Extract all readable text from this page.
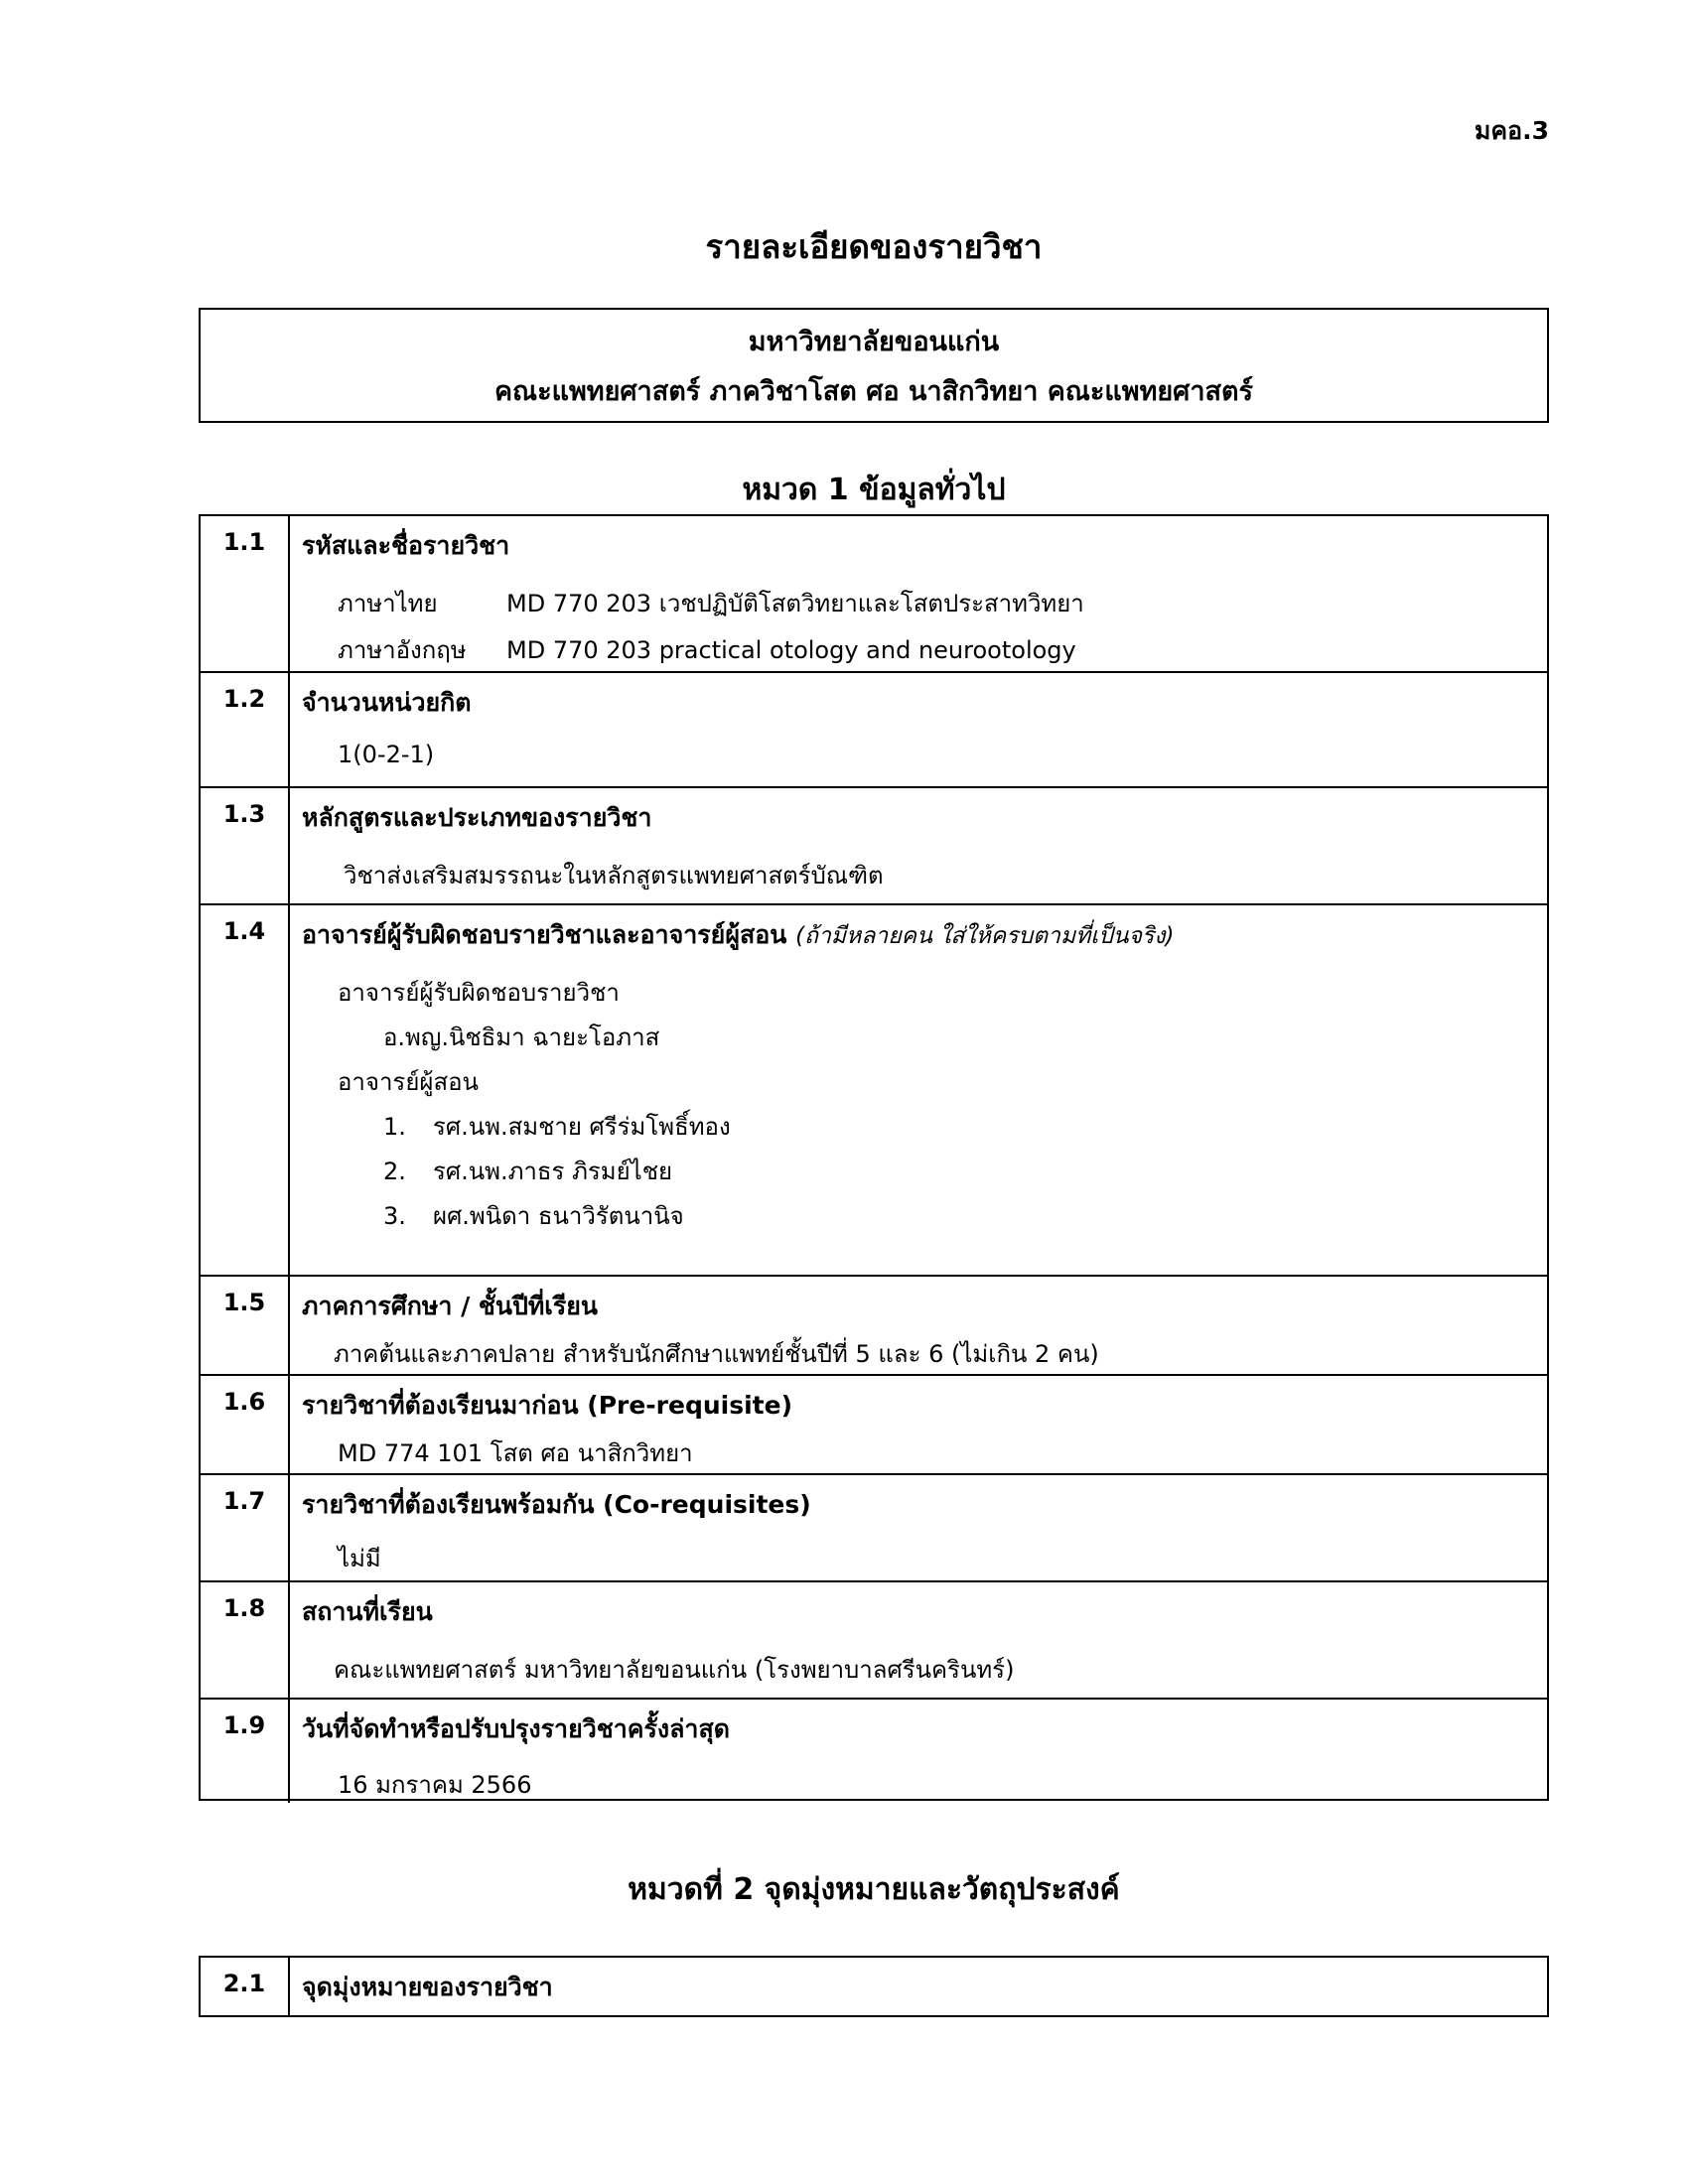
มคอ.3
รายละเอียดของรายวิชา
มหาวิทยาลัยขอนแก่น
คณะแพทยศาสตร์ ภาควิชาโสต ศอ นาสิกวิทยา คณะแพทยศาสตร์
หมวด 1 ข้อมูลทั่วไป
1.1	รหัสและชื่อรายวิชา
ภาษาไทย	MD 770 203 เวชปฏิบัติโสตวิทยาและโสตประสาทวิทยา
ภาษาอังกฤษ MD 770 203 practical otology and neurootology
1.2	จำนวนหน่วยกิต
1(0-2-1)
1.3	หลักสูตรและประเภทของรายวิชา
วิชาส่งเสริมสมรรถนะในหลักสูตรแพทยศาสตร์บัณฑิต
1.4	อาจารย์ผู้รับผิดชอบรายวิชาและอาจารย์ผู้สอน (ถ้ามีหลายคน ใส่ให้ครบตามที่เป็นจริง)
อาจารย์ผู้รับผิดชอบรายวิชา
อ.พญ.นิชธิมา ฉายะโอภาส
อาจารย์ผู้สอน
1. รศ.นพ.สมชาย ศรีร่มโพธิ์ทอง
2. รศ.นพ.ภาธร ภิรมย์ไชย
3. ผศ.พนิดา ธนาวิรัตนานิจ
1.5	ภาคการศึกษา / ชั้นปีที่เรียน
ภาคต้นและภาคปลาย สำหรับนักศึกษาแพทย์ชั้นปีที่ 5 และ 6 (ไม่เกิน 2 คน)
1.6	รายวิชาที่ต้องเรียนมาก่อน (Pre-requisite)
MD 774 101 โสต ศอ นาสิกวิทยา
1.7	รายวิชาที่ต้องเรียนพร้อมกัน (Co-requisites)
ไม่มี
1.8	สถานที่เรียน
คณะแพทยศาสตร์ มหาวิทยาลัยขอนแก่น (โรงพยาบาลศรีนครินทร์)
1.9	วันที่จัดทำหรือปรับปรุงรายวิชาครั้งล่าสุด
16 มกราคม 2566
หมวดที่ 2 จุดมุ่งหมายและวัตถุประสงค์
2.1	จุดมุ่งหมายของรายวิชา
